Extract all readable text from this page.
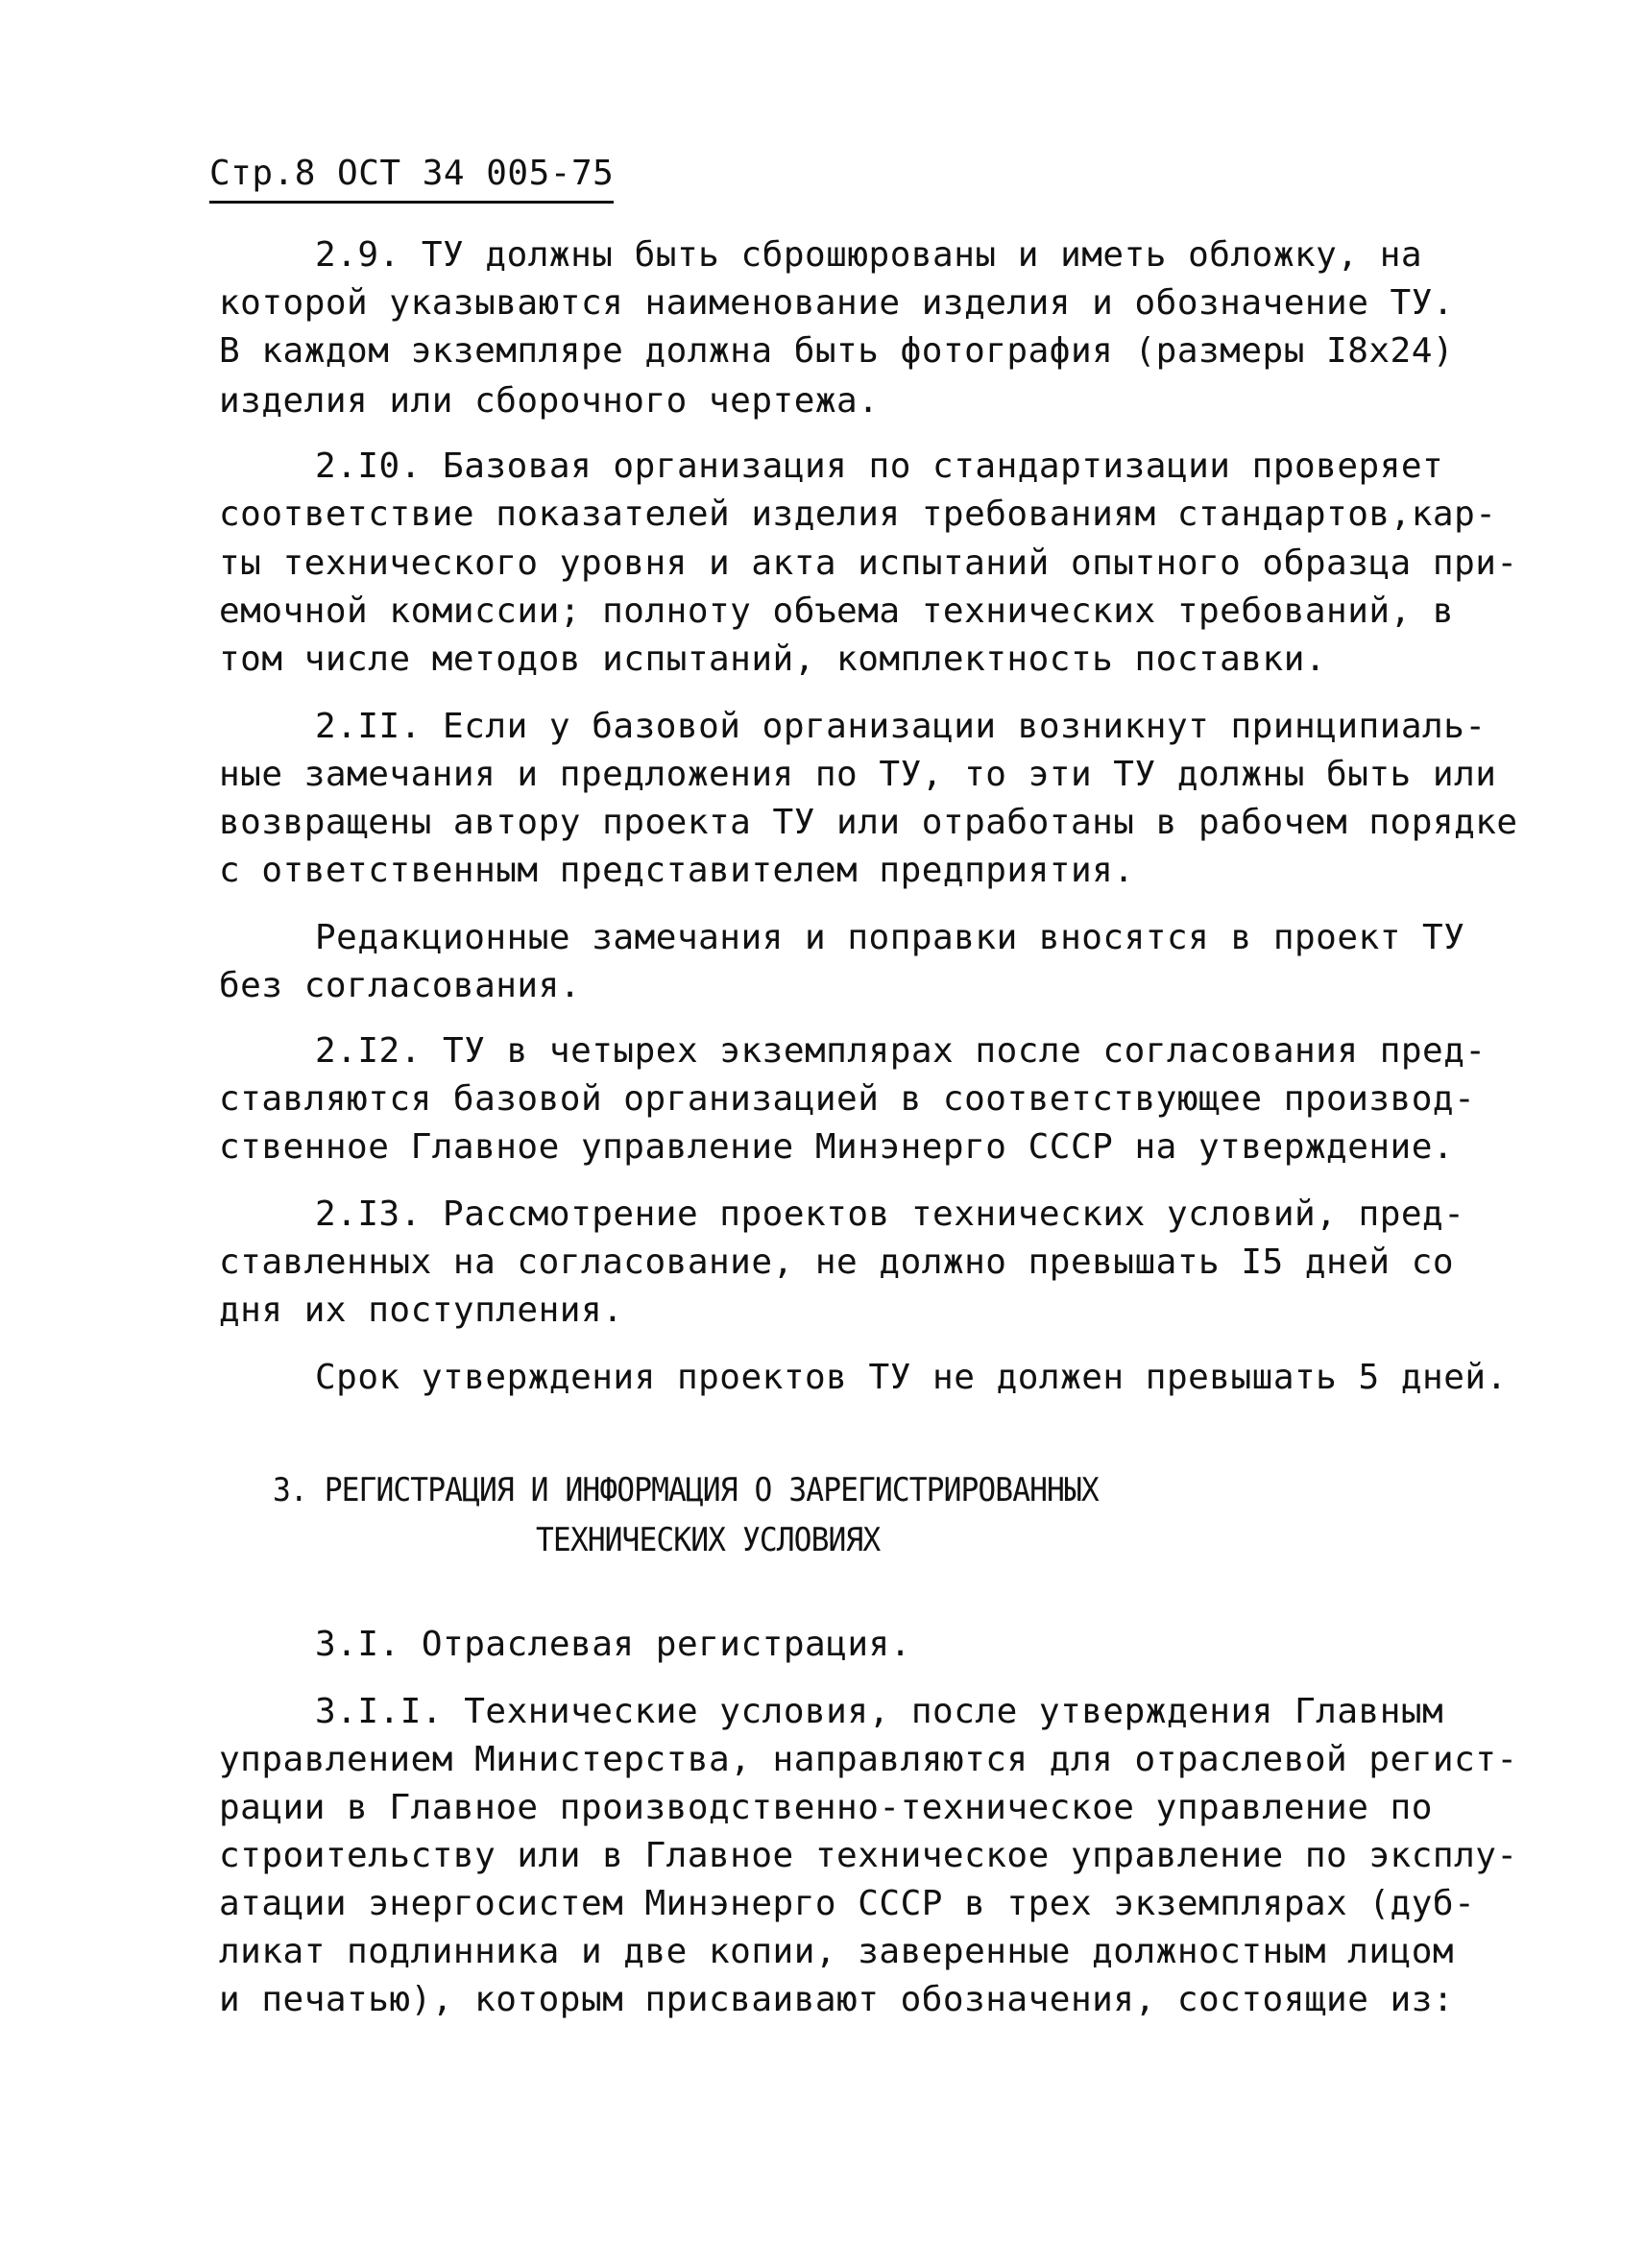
Стр.8 ОСТ 34 005-75
2.9. ТУ должны быть сброшюрованы и иметь обложку, на
которой указываются наименование изделия и обозначение ТУ.
В каждом экземпляре должна быть фотография (размеры I8x24)
изделия или сборочного чертежа.
2.I0. Базовая организация по стандартизации проверяет
соответствие показателей изделия требованиям стандартов,кар-
ты технического уровня и акта испытаний опытного образца при-
емочной комиссии; полноту объема технических требований, в
том числе методов испытаний, комплектность поставки.
2.II. Если у базовой организации возникнут принципиаль-
ные замечания и предложения по ТУ, то эти ТУ должны быть или
возвращены автору проекта ТУ или отработаны в рабочем порядке
с ответственным представителем предприятия.
Редакционные замечания и поправки вносятся в проект ТУ
без согласования.
2.I2. ТУ в четырех экземплярах после согласования пред-
ставляются базовой организацией в соответствующее производ-
ственное Главное управление Минэнерго СССР на утверждение.
2.I3. Рассмотрение проектов технических условий, пред-
ставленных на согласование, не должно превышать I5 дней со
дня их поступления.
Срок утверждения проектов ТУ не должен превышать 5 дней.
3. РЕГИСТРАЦИЯ И ИНФОРМАЦИЯ О ЗАРЕГИСТРИРОВАННЫХ
ТЕХНИЧЕСКИХ УСЛОВИЯХ
3.I. Отраслевая регистрация.
3.I.I. Технические условия, после утверждения Главным
управлением Министерства, направляются для отраслевой регист-
рации в Главное производственно-техническое управление по
строительству или в Главное техническое управление по эксплу-
атации энергосистем Минэнерго СССР в трех экземплярах (дуб-
ликат подлинника и две копии, заверенные должностным лицом
и печатью), которым присваивают обозначения, состоящие из:
